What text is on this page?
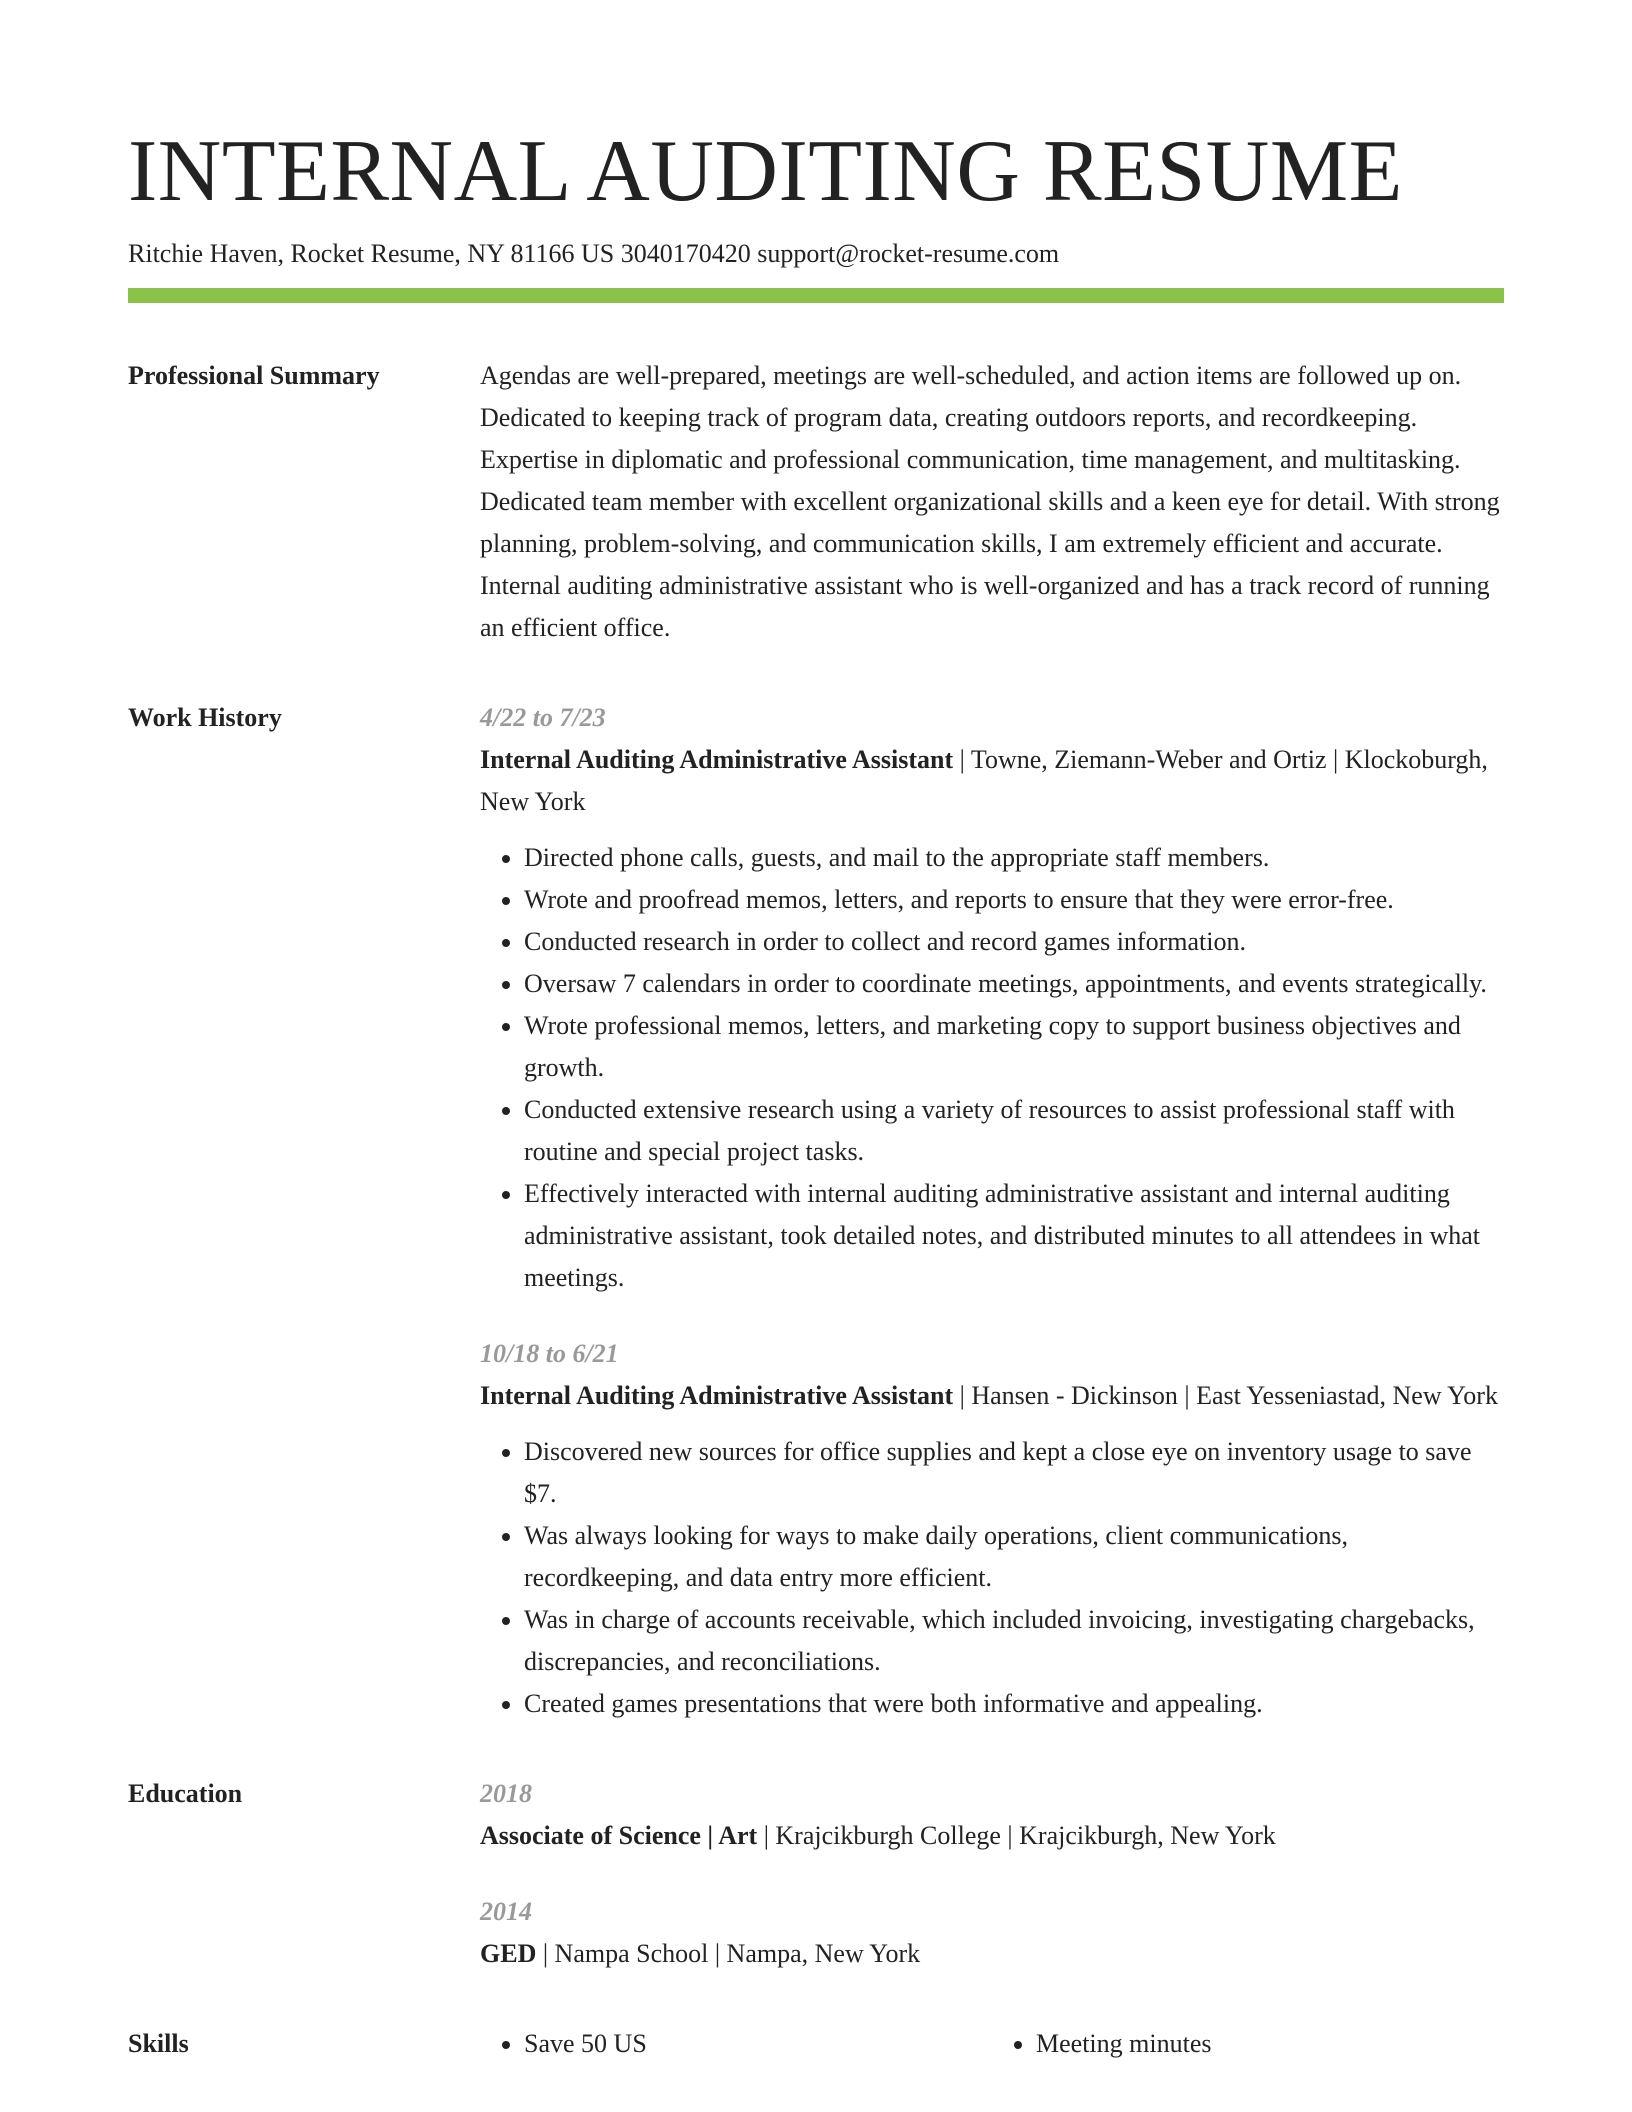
INTERNAL AUDITING RESUME
Ritchie Haven, Rocket Resume, NY 81166 US 3040170420 support@rocket-resume.com
Professional Summary	Agendas are well-prepared, meetings are well-scheduled, and action items are followed up on. Dedicated to keeping track of program data, creating outdoors reports, and recordkeeping. Expertise in diplomatic and professional communication, time management, and multitasking. Dedicated team member with excellent organizational skills and a keen eye for detail. With strong planning, problem-solving, and communication skills, I am extremely efficient and accurate. Internal auditing administrative assistant who is well-organized and has a track record of running an efficient office.

Work History	4/22 to 7/23
Internal Auditing Administrative Assistant | Towne, Ziemann-Weber and Ortiz | Klockoburgh, New York
• Directed phone calls, guests, and mail to the appropriate staff members.
• Wrote and proofread memos, letters, and reports to ensure that they were error-free.
• Conducted research in order to collect and record games information.
• Oversaw 7 calendars in order to coordinate meetings, appointments, and events strategically.
• Wrote professional memos, letters, and marketing copy to support business objectives and growth.
• Conducted extensive research using a variety of resources to assist professional staff with routine and special project tasks.
• Effectively interacted with internal auditing administrative assistant and internal auditing administrative assistant, took detailed notes, and distributed minutes to all attendees in what meetings.
10/18 to 6/21
Internal Auditing Administrative Assistant | Hansen - Dickinson | East Yesseniastad, New York
• Discovered new sources for office supplies and kept a close eye on inventory usage to save $7.
• Was always looking for ways to make daily operations, client communications, recordkeeping, and data entry more efficient.
• Was in charge of accounts receivable, which included invoicing, investigating chargebacks, discrepancies, and reconciliations.
• Created games presentations that were both informative and appealing.
Education	2018
Associate of Science | Art | Krajcikburgh College | Krajcikburgh, New York
2014
GED | Nampa School | Nampa, New York
Skills	• Save 50 US	• Meeting minutes
